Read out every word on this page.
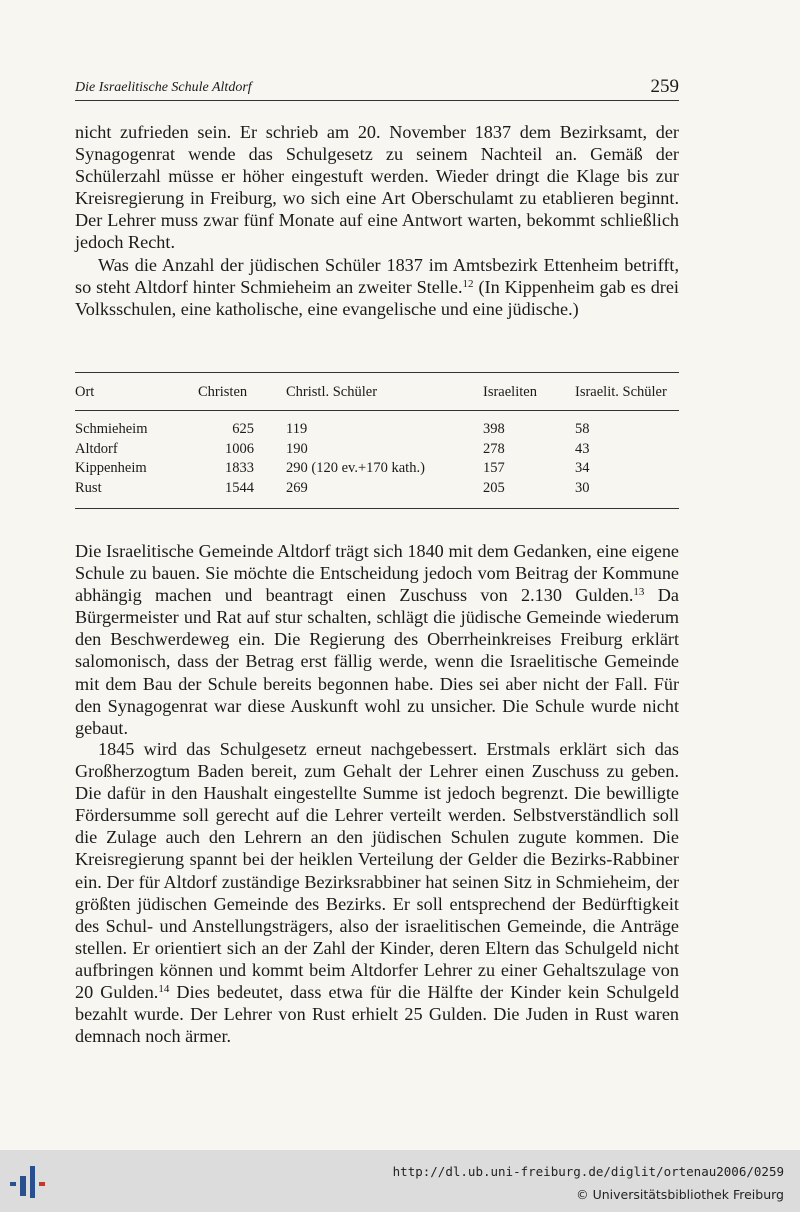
Die Israelitische Schule Altdorf	259

nicht zufrieden sein. Er schrieb am 20. November 1837 dem Bezirksamt, der Synagogenrat wende das Schulgesetz zu seinem Nachteil an. Gemäß der Schülerzahl müsse er höher eingestuft werden. Wieder dringt die Klage bis zur Kreisregierung in Freiburg, wo sich eine Art Oberschulamt zu etablieren beginnt. Der Lehrer muss zwar fünf Monate auf eine Antwort warten, bekommt schließlich jedoch Recht.

Was die Anzahl der jüdischen Schüler 1837 im Amtsbezirk Ettenheim betrifft, so steht Altdorf hinter Schmieheim an zweiter Stelle.$^{12}$ (In Kippenheim gab es drei Volksschulen, eine katholische, eine evangelische und eine jüdische.)

Ort	Christen	Christl. Schüler	Israeliten	Israelit. Schüler
Schmieheim	625	119	398	58
Altdorf	1006	190	278	43
Kippenheim	1833	290 (120 ev.+170 kath.)	157	34
Rust	1544	269	205	30

Die Israelitische Gemeinde Altdorf trägt sich 1840 mit dem Gedanken, eine eigene Schule zu bauen. Sie möchte die Entscheidung jedoch vom Beitrag der Kommune abhängig machen und beantragt einen Zuschuss von 2.130 Gulden.$^{13}$ Da Bürgermeister und Rat auf stur schalten, schlägt die jüdische Gemeinde wiederum den Beschwerdeweg ein. Die Regierung des Oberrheinkreises Freiburg erklärt salomonisch, dass der Betrag erst fällig werde, wenn die Israelitische Gemeinde mit dem Bau der Schule bereits begonnen habe. Dies sei aber nicht der Fall. Für den Synagogenrat war diese Auskunft wohl zu unsicher. Die Schule wurde nicht gebaut.

1845 wird das Schulgesetz erneut nachgebessert. Erstmals erklärt sich das Großherzogtum Baden bereit, zum Gehalt der Lehrer einen Zuschuss zu geben. Die dafür in den Haushalt eingestellte Summe ist jedoch begrenzt. Die bewilligte Fördersumme soll gerecht auf die Lehrer verteilt werden. Selbstverständlich soll die Zulage auch den Lehrern an den jüdischen Schulen zugute kommen. Die Kreisregierung spannt bei der heiklen Verteilung der Gelder die Bezirks-Rabbiner ein. Der für Altdorf zuständige Bezirksrabbiner hat seinen Sitz in Schmieheim, der größten jüdischen Gemeinde des Bezirks. Er soll entsprechend der Bedürftigkeit des Schul- und Anstellungsträgers, also der israelitischen Gemeinde, die Anträge stellen. Er orientiert sich an der Zahl der Kinder, deren Eltern das Schulgeld nicht aufbringen können und kommt beim Altdorfer Lehrer zu einer Gehaltszulage von 20 Gulden.$^{14}$ Dies bedeutet, dass etwa für die Hälfte der Kinder kein Schulgeld bezahlt wurde. Der Lehrer von Rust erhielt 25 Gulden. Die Juden in Rust waren demnach noch ärmer.

http://dl.ub.uni-freiburg.de/diglit/ortenau2006/0259
© Universitätsbibliothek Freiburg
